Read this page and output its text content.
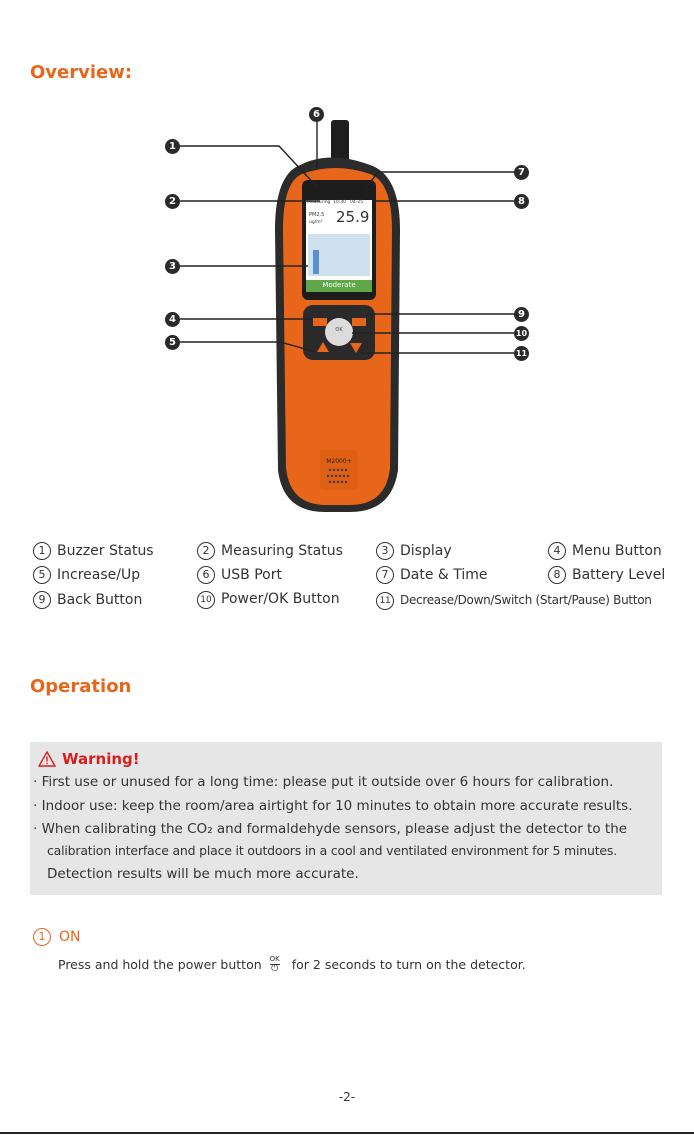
Overview:
Measuring 10:30 04-25
PM2.5
ug/m³ 25.9
Moderate
OK
M2000+
1
2
3
4
5
6
7
8
9
10
11
1 Buzzer Status	2 Measuring Status	3 Display	4 Menu Button
5 Increase/Up	6 USB Port	7 Date & Time	8 Battery Level
9 Back Button	10 Power/OK Button	11 Decrease/Down/Switch (Start/Pause) Button
Operation
Warning!
· First use or unused for a long time: please put it outside over 6 hours for calibration.
· Indoor use: keep the room/area airtight for 10 minutes to obtain more accurate results.
· When calibrating the CO₂ and formaldehyde sensors, please adjust the detector to the
calibration interface and place it outdoors in a cool and ventilated environment for 5 minutes.
Detection results will be much more accurate.
1 ON
Press and hold the power button OK
⏻ for 2 seconds to turn on the detector.
-2-
